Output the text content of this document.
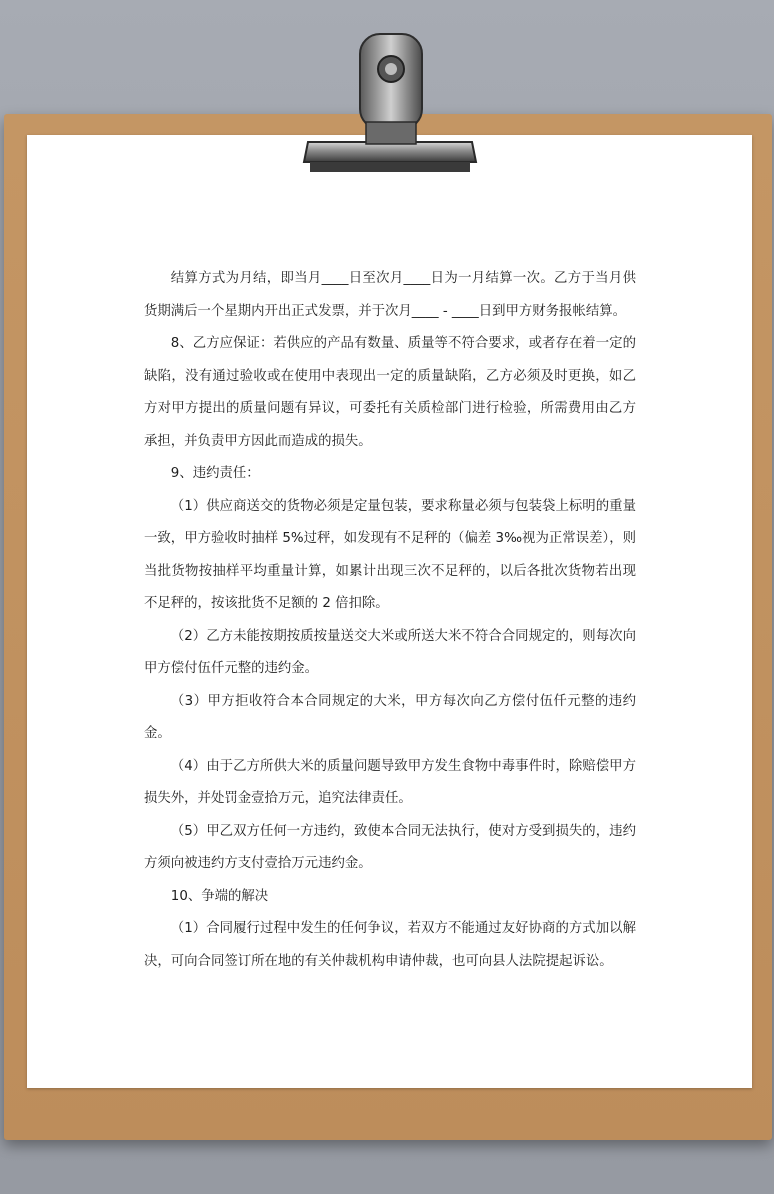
结算方式为月结，即当月____日至次月____日为一月结算一次。乙方于当月供货期满后一个星期内开出正式发票，并于次月____ - ____日到甲方财务报帐结算。

8、乙方应保证：若供应的产品有数量、质量等不符合要求，或者存在着一定的缺陷，没有通过验收或在使用中表现出一定的质量缺陷，乙方必须及时更换，如乙方对甲方提出的质量问题有异议，可委托有关质检部门进行检验，所需费用由乙方承担，并负责甲方因此而造成的损失。

9、违约责任：

（1）供应商送交的货物必须是定量包装，要求称量必须与包装袋上标明的重量一致，甲方验收时抽样 5%过秤，如发现有不足秤的（偏差 3‰视为正常误差），则当批货物按抽样平均重量计算，如累计出现三次不足秤的，以后各批次货物若出现不足秤的，按该批货不足额的 2 倍扣除。

（2）乙方未能按期按质按量送交大米或所送大米不符合合同规定的，则每次向甲方偿付伍仟元整的违约金。

（3）甲方拒收符合本合同规定的大米，甲方每次向乙方偿付伍仟元整的违约金。

（4）由于乙方所供大米的质量问题导致甲方发生食物中毒事件时，除赔偿甲方损失外，并处罚金壹拾万元，追究法律责任。

（5）甲乙双方任何一方违约，致使本合同无法执行，使对方受到损失的，违约方须向被违约方支付壹拾万元违约金。

10、争端的解决

（1）合同履行过程中发生的任何争议，若双方不能通过友好协商的方式加以解决，可向合同签订所在地的有关仲裁机构申请仲裁，也可向县人法院提起诉讼。
